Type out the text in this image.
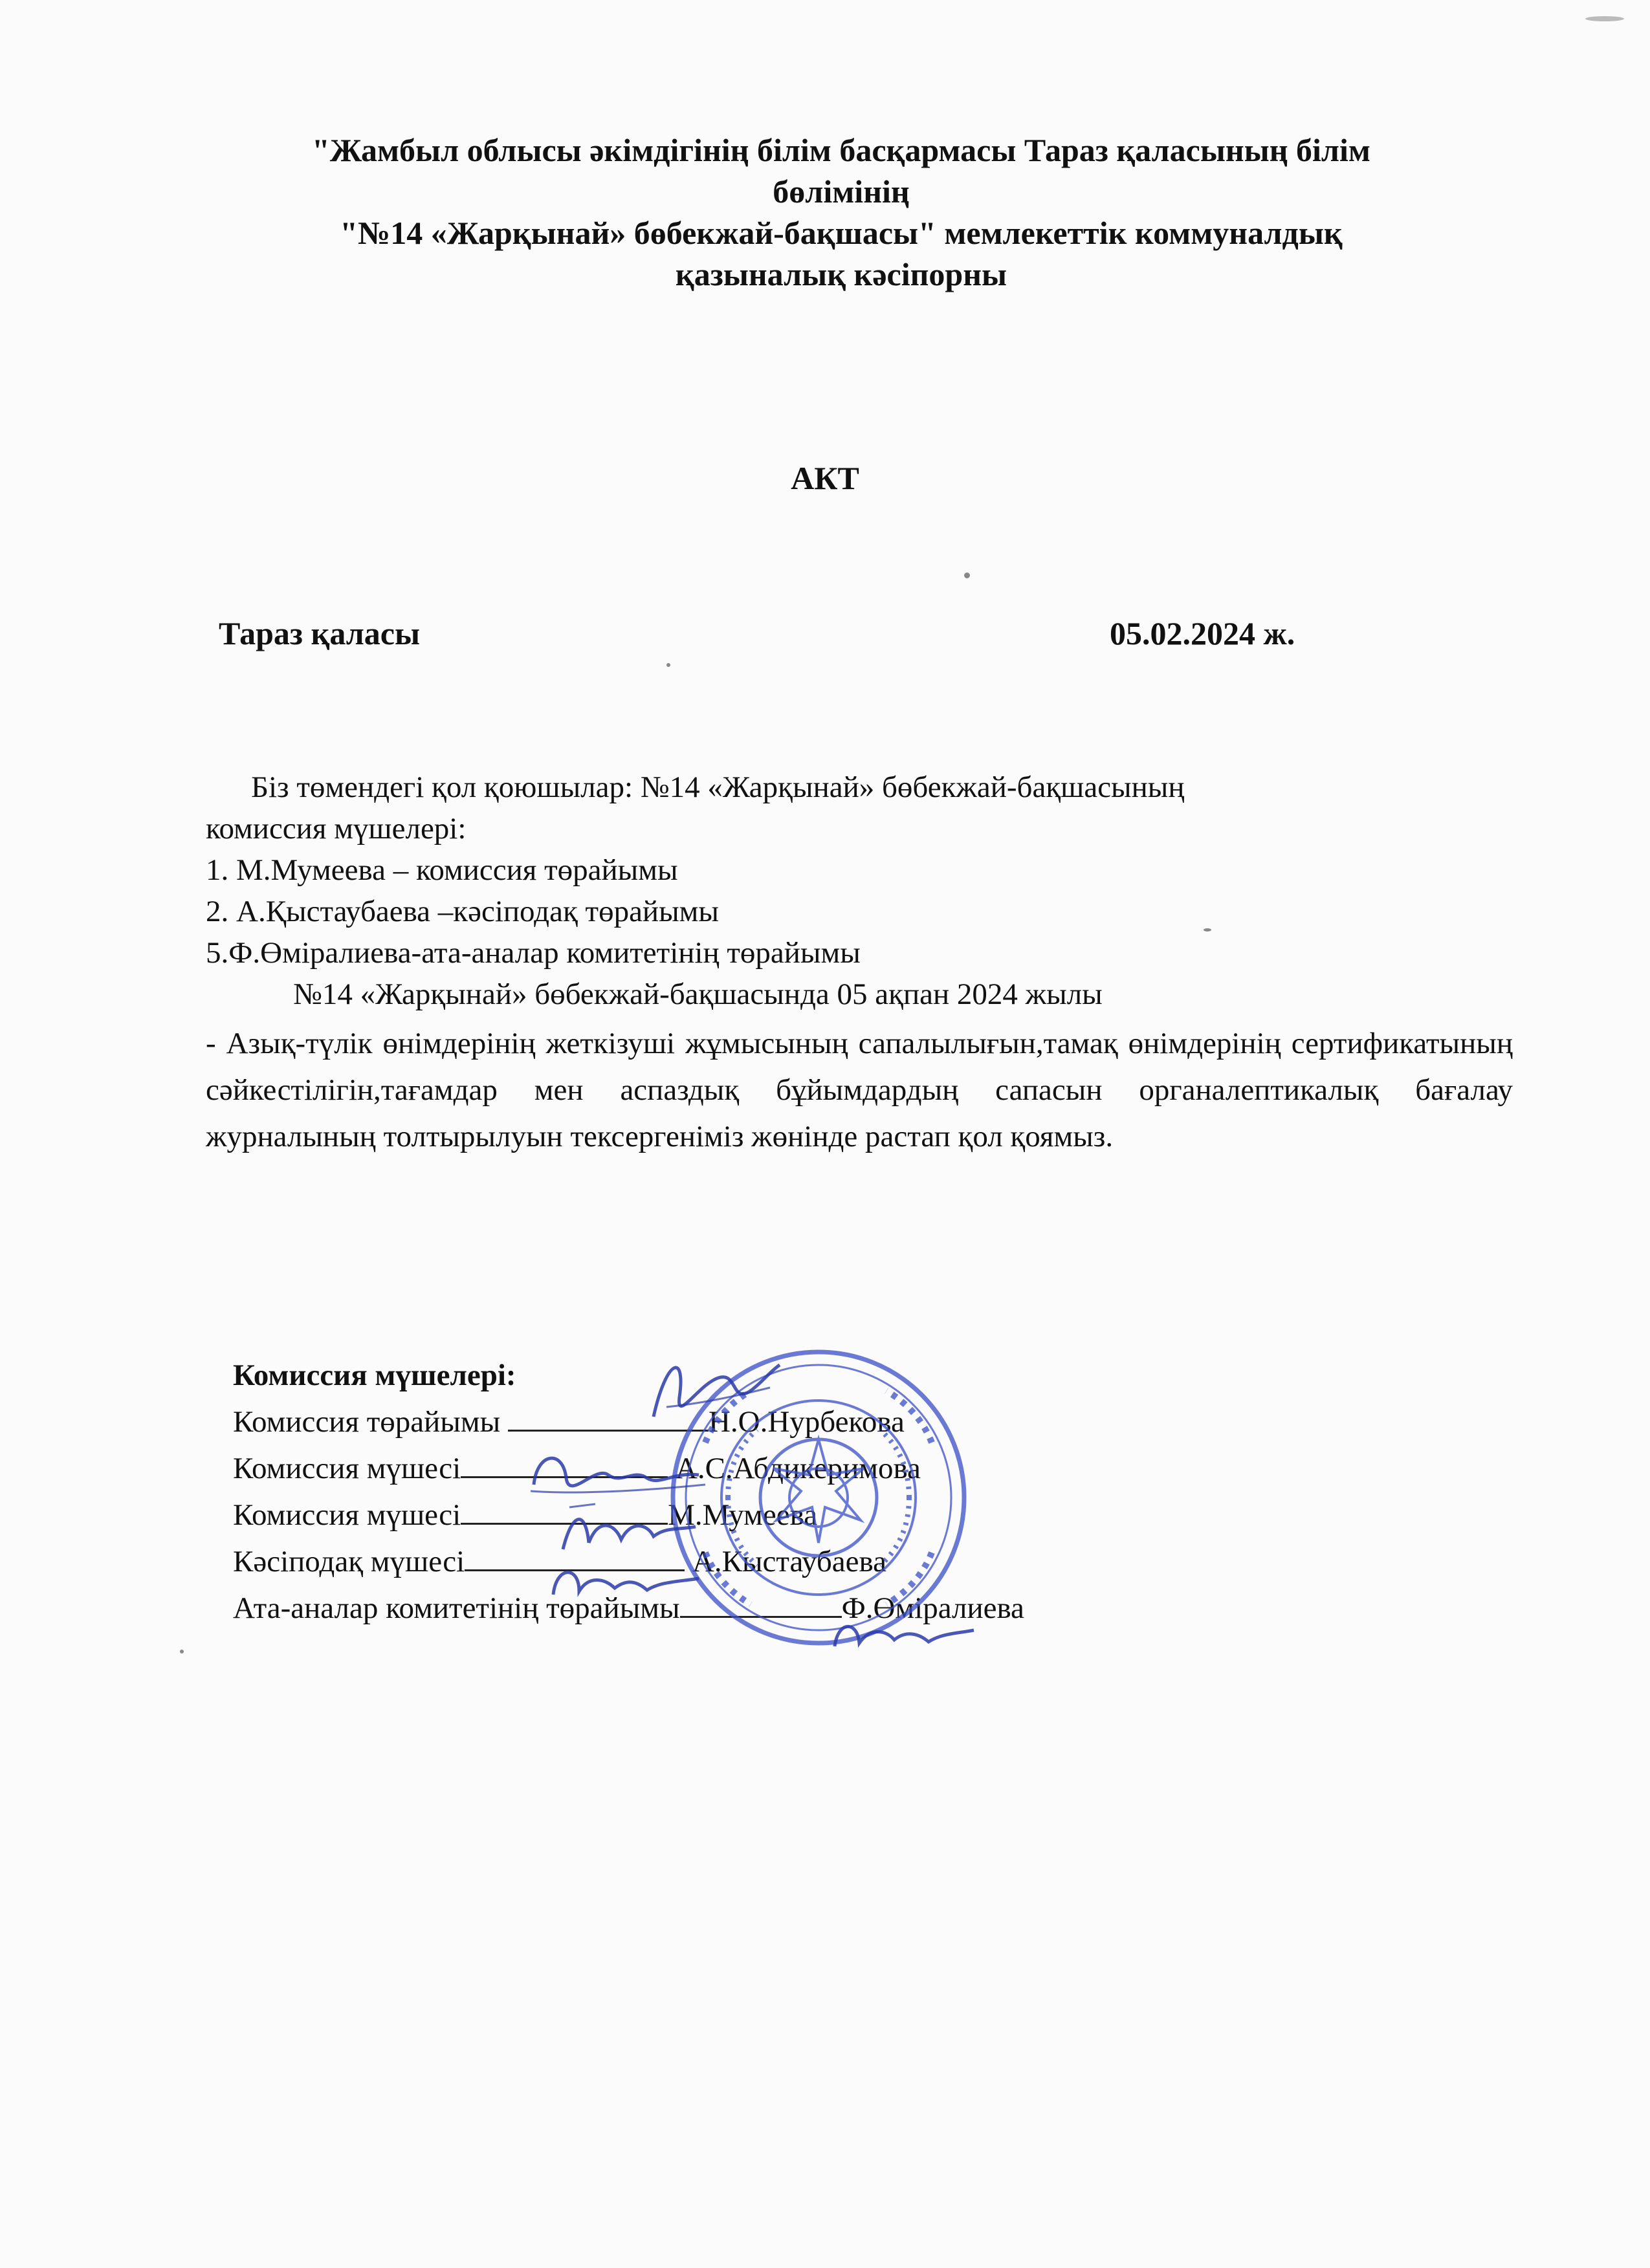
"Жамбыл облысы әкімдігінің білім басқармасы Тараз қаласының білім
бөлімінің
"№14 «Жарқынай» бөбекжай-бақшасы" мемлекеттік коммуналдық
қазыналық кәсіпорны
АКТ
Тараз қаласы	05.02.2024 ж.
Біз төмендегі қол қоюшылар: №14 «Жарқынай» бөбекжай-бақшасының
комиссия мүшелері:
1. М.Мумеева – комиссия төрайымы
2. А.Қыстаубаева –кәсіподақ төрайымы
5.Ф.Өміралиева-ата-аналар комитетінің төрайымы
№14 «Жарқынай» бөбекжай-бақшасында 05 ақпан 2024 жылы
- Азық-түлік өнімдерінің жеткізуші жұмысының сапалылығын,тамақ өнімдерінің сертификатының сәйкестілігін,тағамдар мен аспаздық бұйымдардың сапасын органалептикалық бағалау журналының толтырылуын тексергеніміз жөнінде растап қол қоямыз.
Комиссия мүшелері:
Комиссия төрайымы	Н.О.Нурбекова
Комиссия мүшесі	А.С.Абдикеримова
Комиссия мүшесі	М.Мумеева
Кәсіподақ мүшесі	А.Кыстаубаева
Ата-аналар комитетінің төрайымы	Ф.Өміралиева
